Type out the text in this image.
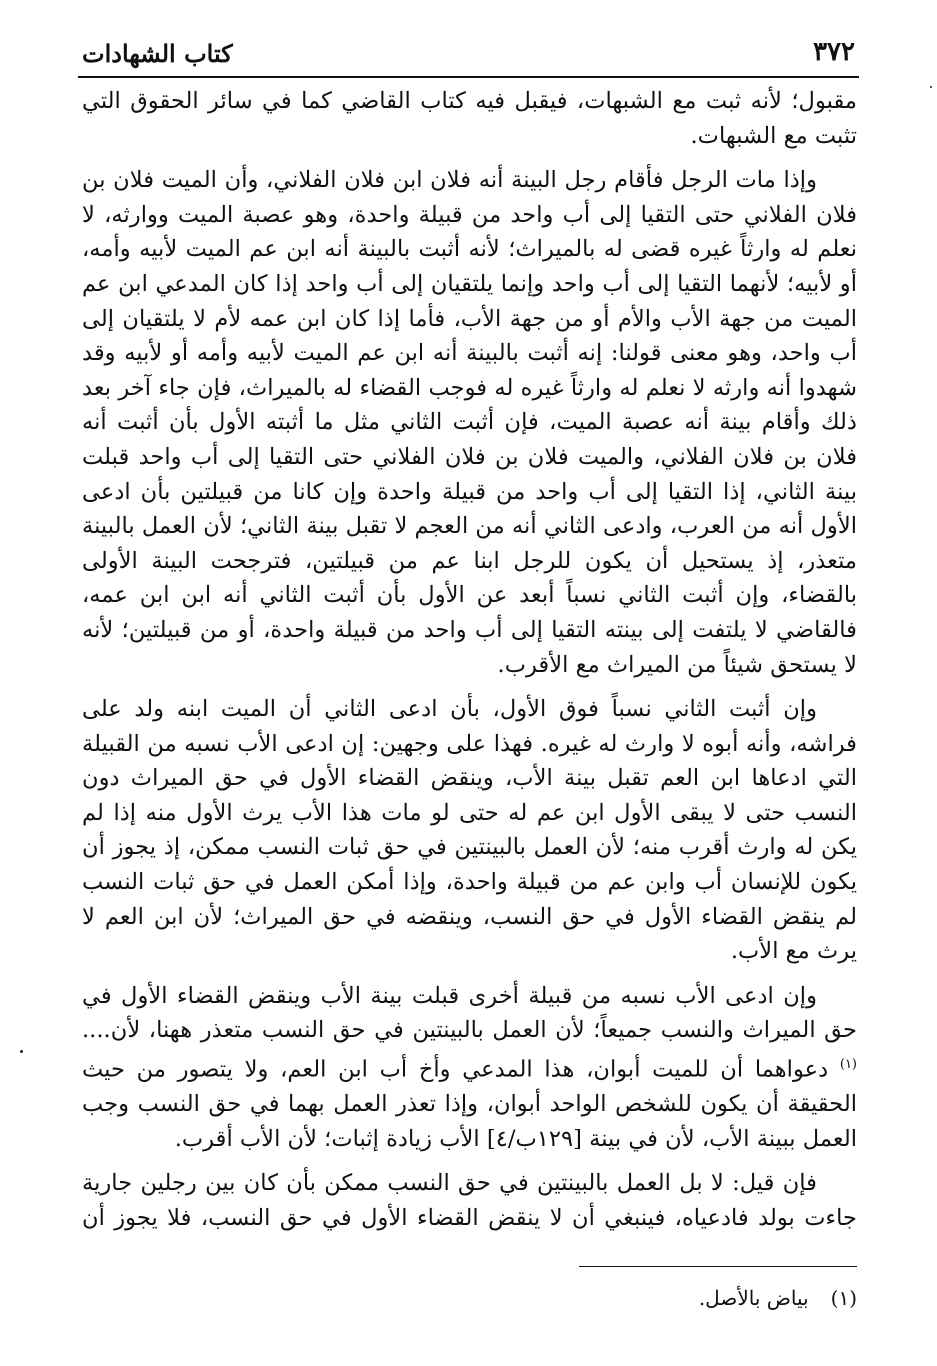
٣٧٢
كتاب الشهادات

مقبول؛ لأنه ثبت مع الشبهات، فيقبل فيه كتاب القاضي كما في سائر الحقوق التي تثبت مع الشبهات.

وإذا مات الرجل فأقام رجل البينة أنه فلان ابن فلان الفلاني، وأن الميت فلان بن فلان الفلاني حتى التقيا إلى أب واحد من قبيلة واحدة، وهو عصبة الميت ووارثه، لا نعلم له وارثاً غيره قضى له بالميراث؛ لأنه أثبت بالبينة أنه ابن عم الميت لأبيه وأمه، أو لأبيه؛ لأنهما التقيا إلى أب واحد وإنما يلتقيان إلى أب واحد إذا كان المدعي ابن عم الميت من جهة الأب والأم أو من جهة الأب، فأما إذا كان ابن عمه لأم لا يلتقيان إلى أب واحد، وهو معنى قولنا: إنه أثبت بالبينة أنه ابن عم الميت لأبيه وأمه أو لأبيه وقد شهدوا أنه وارثه لا نعلم له وارثاً غيره له فوجب القضاء له بالميراث، فإن جاء آخر بعد ذلك وأقام بينة أنه عصبة الميت، فإن أثبت الثاني مثل ما أثبته الأول بأن أثبت أنه فلان بن فلان الفلاني، والميت فلان بن فلان الفلاني حتى التقيا إلى أب واحد قبلت بينة الثاني، إذا التقيا إلى أب واحد من قبيلة واحدة وإن كانا من قبيلتين بأن ادعى الأول أنه من العرب، وادعى الثاني أنه من العجم لا تقبل بينة الثاني؛ لأن العمل بالبينة متعذر، إذ يستحيل أن يكون للرجل ابنا عم من قبيلتين، فترجحت البينة الأولى بالقضاء، وإن أثبت الثاني نسباً أبعد عن الأول بأن أثبت الثاني أنه ابن ابن عمه، فالقاضي لا يلتفت إلى بينته التقيا إلى أب واحد من قبيلة واحدة، أو من قبيلتين؛ لأنه لا يستحق شيئاً من الميراث مع الأقرب.

وإن أثبت الثاني نسباً فوق الأول، بأن ادعى الثاني أن الميت ابنه ولد على فراشه، وأنه أبوه لا وارث له غيره. فهذا على وجهين: إن ادعى الأب نسبه من القبيلة التي ادعاها ابن العم تقبل بينة الأب، وينقض القضاء الأول في حق الميراث دون النسب حتى لا يبقى الأول ابن عم له حتى لو مات هذا الأب يرث الأول منه إذا لم يكن له وارث أقرب منه؛ لأن العمل بالبينتين في حق ثبات النسب ممكن، إذ يجوز أن يكون للإنسان أب وابن عم من قبيلة واحدة، وإذا أمكن العمل في حق ثبات النسب لم ينقض القضاء الأول في حق النسب، وينقضه في حق الميراث؛ لأن ابن العم لا يرث مع الأب.

وإن ادعى الأب نسبه من قبيلة أخرى قبلت بينة الأب وينقض القضاء الأول في حق الميراث والنسب جميعاً؛ لأن العمل بالبينتين في حق النسب متعذر ههنا، لأن....$^{(١)}$ دعواهما أن للميت أبوان، هذا المدعي وأخ أب ابن العم، ولا يتصور من حيث الحقيقة أن يكون للشخص الواحد أبوان، وإذا تعذر العمل بهما في حق النسب وجب العمل ببينة الأب، لأن في بينة [١٢٩ب/٤] الأب زيادة إثبات؛ لأن الأب أقرب.

فإن قيل: لا بل العمل بالبينتين في حق النسب ممكن بأن كان بين رجلين جارية جاءت بولد فادعياه، فينبغي أن لا ينقض القضاء الأول في حق النسب، فلا يجوز أن

(١)بياض بالأصل.
